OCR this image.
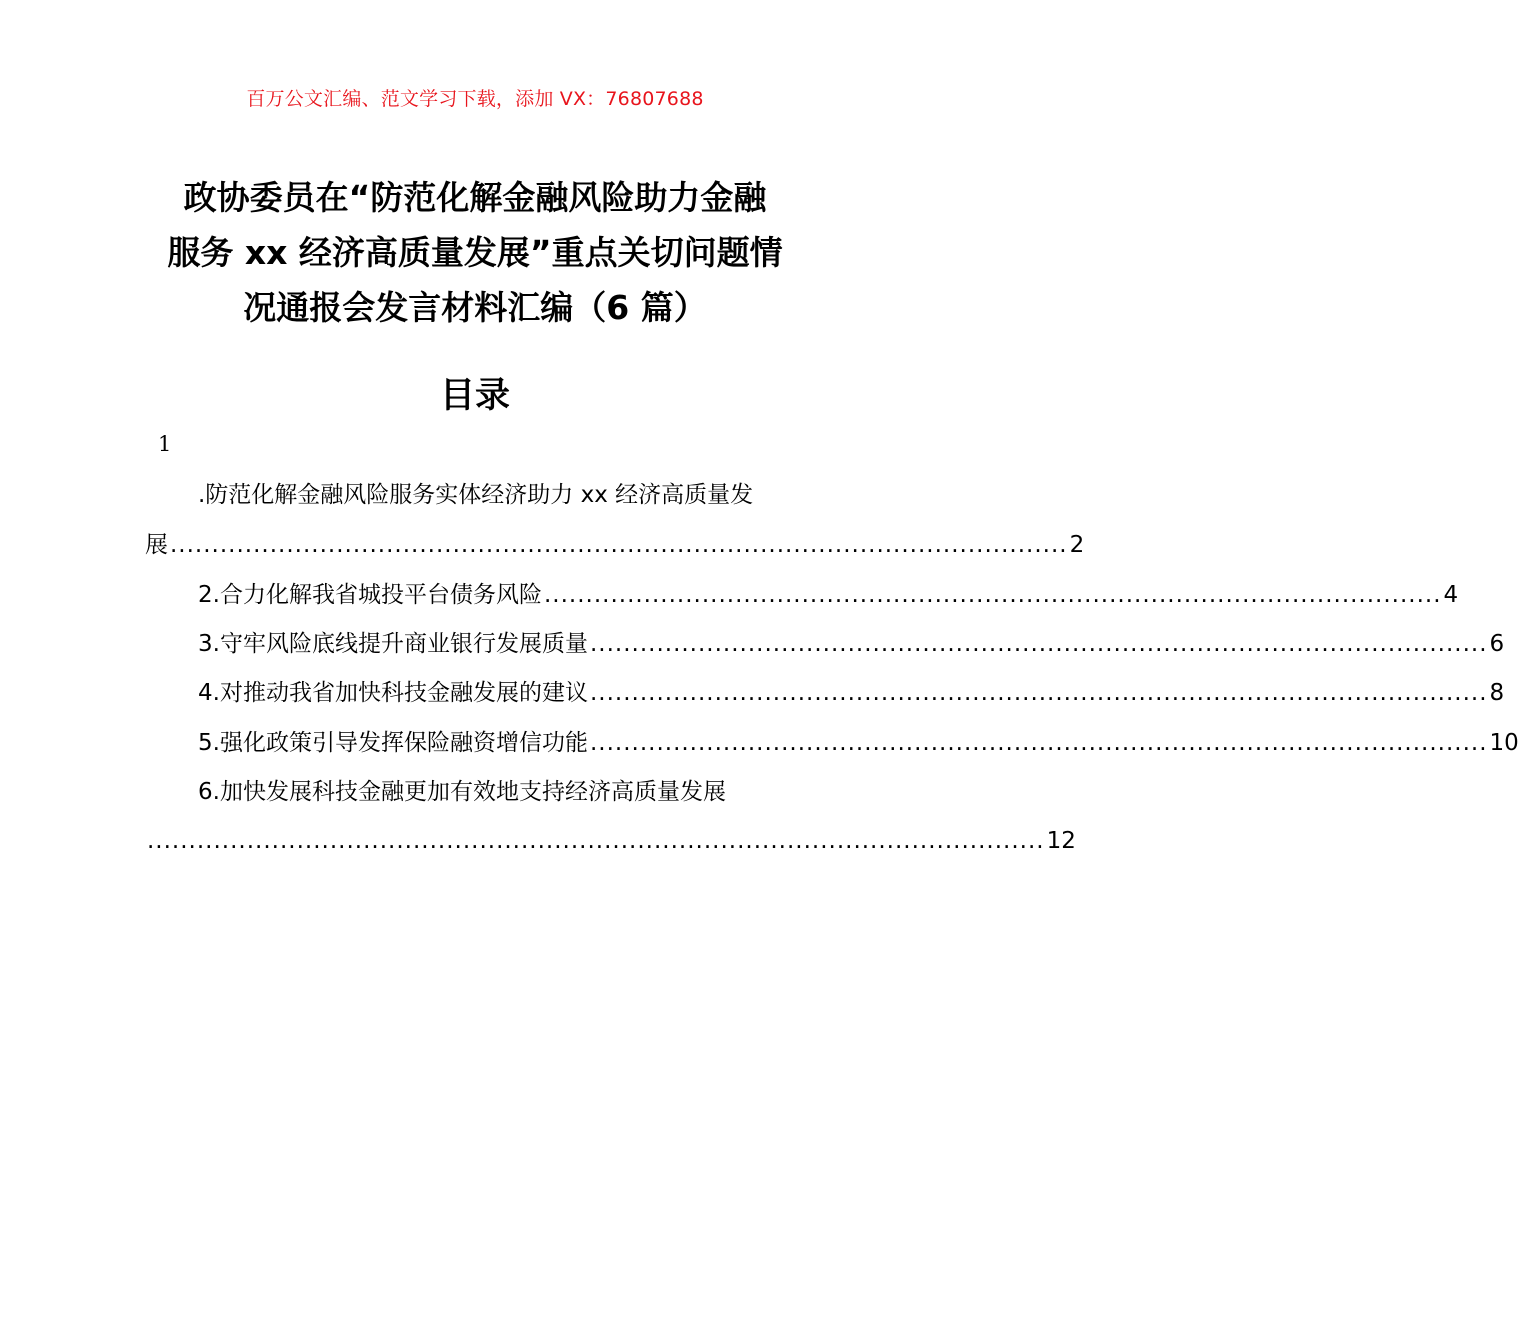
百万公文汇编、范文学习下载，添加 VX：76807688
政协委员在“防范化解金融风险助力金融
服务 xx 经济高质量发展”重点关切问题情
况通报会发言材料汇编（6 篇）
目录
1
.防范化解金融风险服务实体经济助力 xx 经济高质量发
展 ............................................................................................................ 2
2.合力化解我省城投平台债务风险 ............................................................................................................ 4
3.守牢风险底线提升商业银行发展质量 ............................................................................................................ 6
4.对推动我省加快科技金融发展的建议 ............................................................................................................ 8
5.强化政策引导发挥保险融资增信功能 ............................................................................................................ 10
6.加快发展科技金融更加有效地支持经济高质量发展
............................................................................................................ 12
